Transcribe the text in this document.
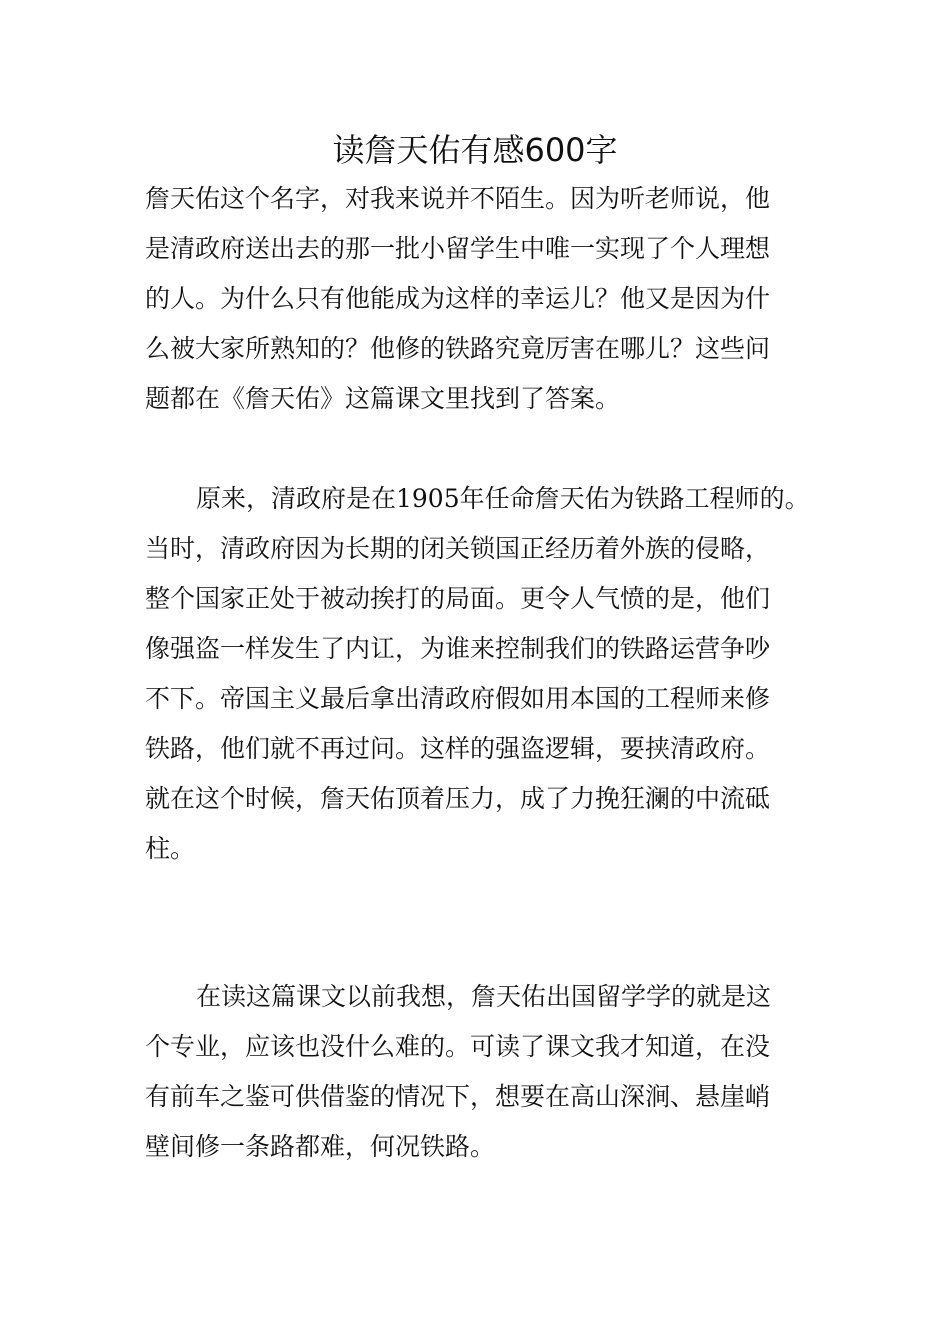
读詹天佑有感600字
詹天佑这个名字，对我来说并不陌生。因为听老师说，他
是清政府送出去的那一批小留学生中唯一实现了个人理想
的人。为什么只有他能成为这样的幸运儿？他又是因为什
么被大家所熟知的？他修的铁路究竟厉害在哪儿？这些问
题都在《詹天佑》这篇课文里找到了答案。
原来，清政府是在1905年任命詹天佑为铁路工程师的。
当时，清政府因为长期的闭关锁国正经历着外族的侵略，
整个国家正处于被动挨打的局面。更令人气愤的是，他们
像强盗一样发生了内讧，为谁来控制我们的铁路运营争吵
不下。帝国主义最后拿出清政府假如用本国的工程师来修
铁路，他们就不再过问。这样的强盗逻辑，要挟清政府。
就在这个时候，詹天佑顶着压力，成了力挽狂澜的中流砥
柱。
在读这篇课文以前我想，詹天佑出国留学学的就是这
个专业，应该也没什么难的。可读了课文我才知道，在没
有前车之鉴可供借鉴的情况下，想要在高山深涧、悬崖峭
壁间修一条路都难，何况铁路。
